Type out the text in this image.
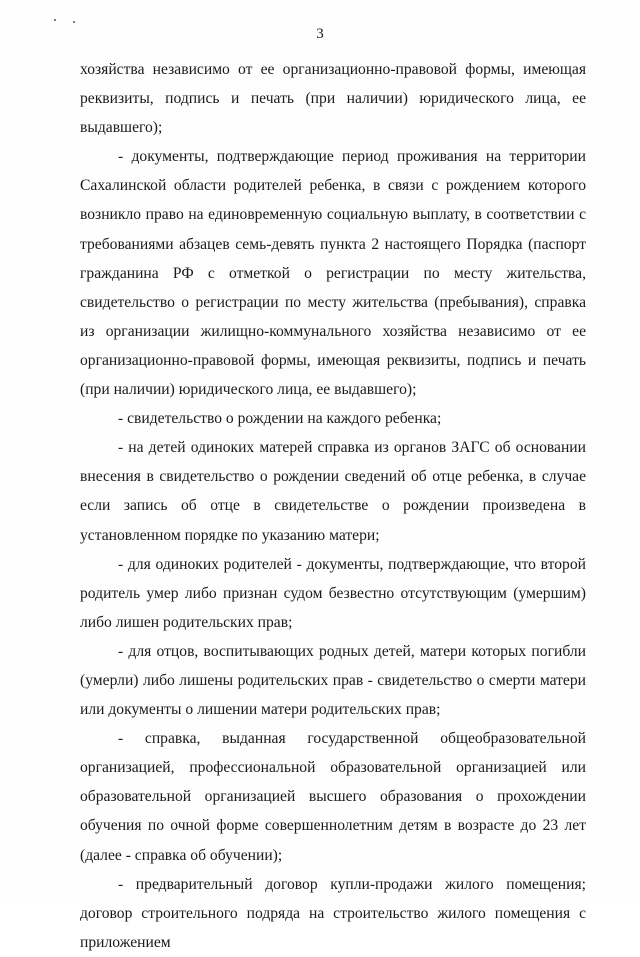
3

хозяйства независимо от ее организационно-правовой формы, имеющая реквизиты, подпись и печать (при наличии) юридического лица, ее выдавшего);

- документы, подтверждающие период проживания на территории Сахалинской области родителей ребенка, в связи с рождением которого возникло право на единовременную социальную выплату, в соответствии с требованиями абзацев семь-девять пункта 2 настоящего Порядка (паспорт гражданина РФ с отметкой о регистрации по месту жительства, свидетельство о регистрации по месту жительства (пребывания), справка из организации жилищно-коммунального хозяйства независимо от ее организационно-правовой формы, имеющая реквизиты, подпись и печать (при наличии) юридического лица, ее выдавшего);

- свидетельство о рождении на каждого ребенка;

- на детей одиноких матерей справка из органов ЗАГС об основании внесения в свидетельство о рождении сведений об отце ребенка, в случае если запись об отце в свидетельстве о рождении произведена в установленном порядке по указанию матери;

- для одиноких родителей - документы, подтверждающие, что второй родитель умер либо признан судом безвестно отсутствующим (умершим) либо лишен родительских прав;

- для отцов, воспитывающих родных детей, матери которых погибли (умерли) либо лишены родительских прав - свидетельство о смерти матери или документы о лишении матери родительских прав;

- справка, выданная государственной общеобразовательной организацией, профессиональной образовательной организацией или образовательной организацией высшего образования о прохождении обучения по очной форме совершеннолетним детям в возрасте до 23 лет (далее - справка об обучении);

- предварительный договор купли-продажи жилого помещения; договор строительного подряда на строительство жилого помещения с приложением
